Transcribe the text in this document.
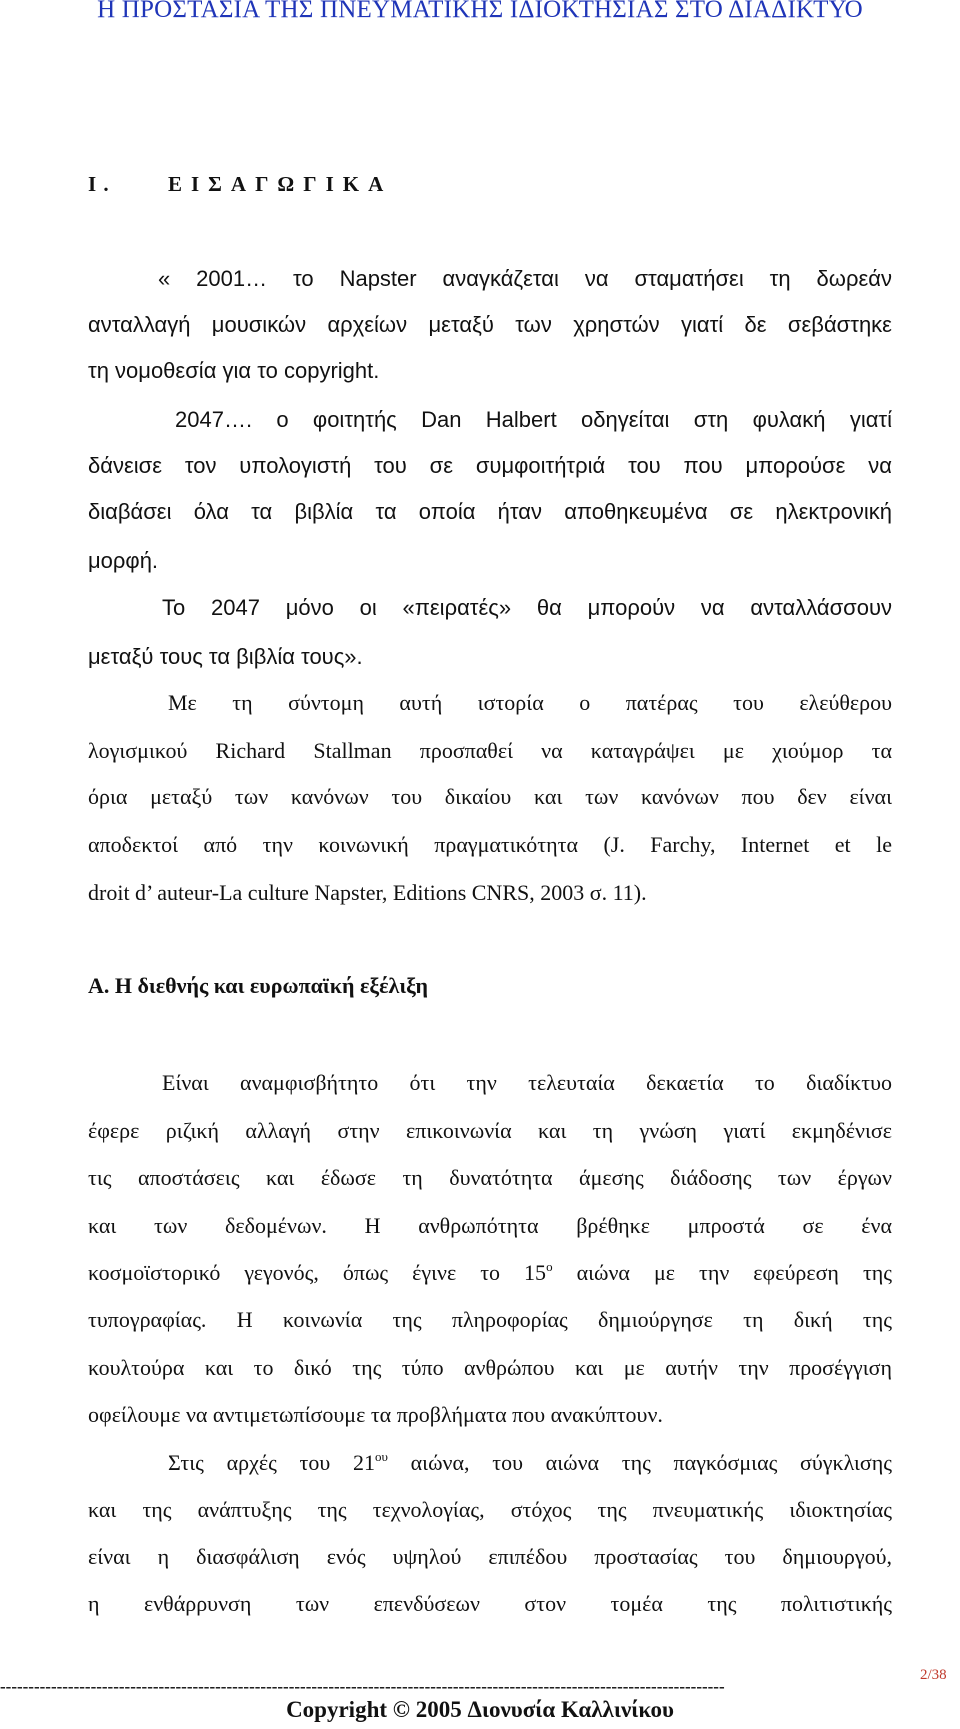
Η ΠΡΟΣΤΑΣΙΑ ΤΗΣ ΠΝΕΥΜΑΤΙΚΗΣ ΙΔΙΟΚΤΗΣΙΑΣ ΣΤΟ ΔΙΑΔΙΚΤΥΟ
Ι .	ΕΙΣΑΓΩΓΙΚΑ
« 2001… το Napster αναγκάζεται να σταματήσει τη δωρεάν
ανταλλαγή μουσικών αρχείων μεταξύ των χρηστών γιατί δε σεβάστηκε
τη νομοθεσία για το copyright.
2047…. ο φοιτητής Dan Halbert οδηγείται στη φυλακή γιατί
δάνεισε τον υπολογιστή του σε συμφοιτήτριά του που μπορούσε να
διαβάσει όλα τα βιβλία τα οποία ήταν αποθηκευμένα σε ηλεκτρονική
μορφή.
Το 2047 μόνο οι «πειρατές» θα μπορούν να ανταλλάσσουν
μεταξύ τους τα βιβλία τους».
Με τη σύντομη αυτή ιστορία ο πατέρας του ελεύθερου
λογισμικού Richard Stallman προσπαθεί να καταγράψει με χιούμορ τα
όρια μεταξύ των κανόνων του δικαίου και των κανόνων που δεν είναι
αποδεκτοί από την κοινωνική πραγματικότητα (J. Farchy, Internet et le
droit d’ auteur-La culture Napster, Editions CNRS, 2003 σ. 11).
Α. Η διεθνής και ευρωπαϊκή εξέλιξη
Είναι αναμφισβήτητο ότι την τελευταία δεκαετία το διαδίκτυο
έφερε ριζική αλλαγή στην επικοινωνία και τη γνώση γιατί εκμηδένισε
τις αποστάσεις και έδωσε τη δυνατότητα άμεσης διάδοσης των έργων
και των δεδομένων. Η ανθρωπότητα βρέθηκε μπροστά σε ένα
κοσμοϊστορικό γεγονός, όπως έγινε το $15^o$ αιώνα με την εφεύρεση της
τυπογραφίας. Η κοινωνία της πληροφορίας δημιούργησε τη δική της
κουλτούρα και το δικό της τύπο ανθρώπου και με αυτήν την προσέγγιση
οφείλουμε να αντιμετωπίσουμε τα προβλήματα που ανακύπτουν.
Στις αρχές του $21^{o\upsilon}$ αιώνα, του αιώνα της παγκόσμιας σύγκλισης
και της ανάπτυξης της τεχνολογίας, στόχος της πνευματικής ιδιοκτησίας
είναι η διασφάλιση ενός υψηλού επιπέδου προστασίας του δημιουργού,
η ενθάρρυνση των επενδύσεων στον τομέα της πολιτιστικής
--------------------------------------------------------------------------------------------------------------------------------
2/38
Copyright © 2005 Διονυσία Καλλινίκου
